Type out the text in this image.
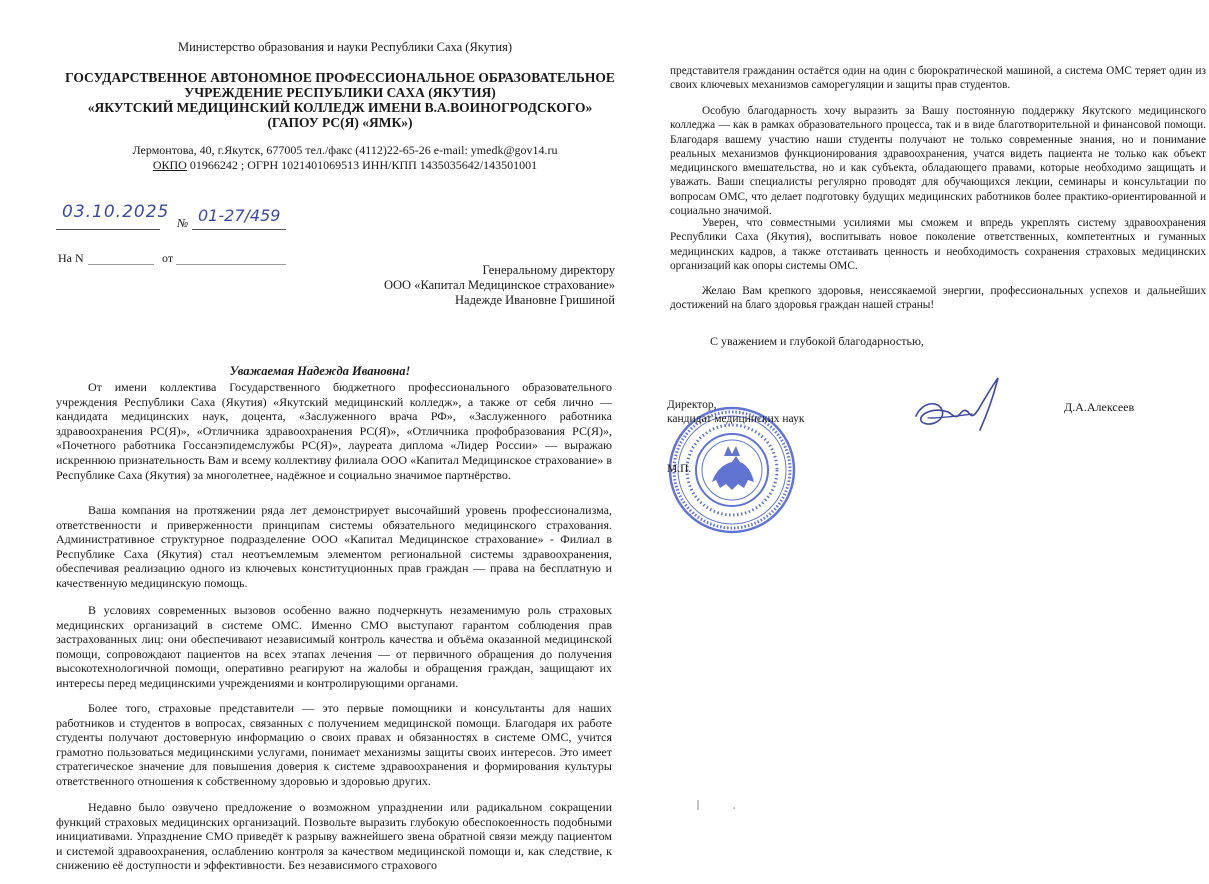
Министерство образования и науки Республики Саха (Якутия)
ГОСУДАРСТВЕННОЕ АВТОНОМНОЕ ПРОФЕССИОНАЛЬНОЕ ОБРАЗОВАТЕЛЬНОЕ
УЧРЕЖДЕНИЕ РЕСПУБЛИКИ САХА (ЯКУТИЯ)
«ЯКУТСКИЙ МЕДИЦИНСКИЙ КОЛЛЕДЖ ИМЕНИ В.А.ВОИНОГРОДСКОГО»
(ГАПОУ РС(Я) «ЯМК»)
Лермонтова, 40, г.Якутск, 677005 тел./факс (4112)22-65-26 e-mail: ymedk@gov14.ru
ОКПО 01966242 ; ОГРН 1021401069513 ИНН/КПП 1435035642/143501001
03.10.2025
№ 01-27/459
На N	от
Генеральному директору
ООО «Капитал Медицинское страхование»
Надежде Ивановне Гришиной
Уважаемая Надежда Ивановна!

От имени коллектива Государственного бюджетного профессионального образовательного учреждения Республики Саха (Якутия) «Якутский медицинский колледж», а также от себя лично — кандидата медицинских наук, доцента, «Заслуженного врача РФ», «Заслуженного работника здравоохранения РС(Я)», «Отличника здравоохранения РС(Я)», «Отличника профобразования РС(Я)», «Почетного работника Госсанэпидемслужбы РС(Я)», лауреата диплома «Лидер России» — выражаю искреннюю признательность Вам и всему коллективу филиала ООО «Капитал Медицинское страхование» в Республике Саха (Якутия) за многолетнее, надёжное и социально значимое партнёрство.

Ваша компания на протяжении ряда лет демонстрирует высочайший уровень профессионализма, ответственности и приверженности принципам системы обязательного медицинского страхования. Административное структурное подразделение ООО «Капитал Медицинское страхование» - Филиал в Республике Саха (Якутия) стал неотъемлемым элементом региональной системы здравоохранения, обеспечивая реализацию одного из ключевых конституционных прав граждан — права на бесплатную и качественную медицинскую помощь.

В условиях современных вызовов особенно важно подчеркнуть незаменимую роль страховых медицинских организаций в системе ОМС. Именно СМО выступают гарантом соблюдения прав застрахованных лиц: они обеспечивают независимый контроль качества и объёма оказанной медицинской помощи, сопровождают пациентов на всех этапах лечения — от первичного обращения до получения высокотехнологичной помощи, оперативно реагируют на жалобы и обращения граждан, защищают их интересы перед медицинскими учреждениями и контролирующими органами.

Более того, страховые представители — это первые помощники и консультанты для наших работников и студентов в вопросах, связанных с получением медицинской помощи. Благодаря их работе студенты получают достоверную информацию о своих правах и обязанностях в системе ОМС, учится грамотно пользоваться медицинскими услугами, понимает механизмы защиты своих интересов. Это имеет стратегическое значение для повышения доверия к системе здравоохранения и формирования культуры ответственного отношения к собственному здоровью и здоровью других.

Недавно было озвучено предложение о возможном упразднении или радикальном сокращении функций страховых медицинских организаций. Позвольте выразить глубокую обеспокоенность подобными инициативами. Упразднение СМО приведёт к разрыву важнейшего звена обратной связи между пациентом и системой здравоохранения, ослаблению контроля за качеством медицинской помощи и, как следствие, к снижению её доступности и эффективности. Без независимого страхового

представителя гражданин остаётся один на один с бюрократической машиной, а система ОМС теряет один из своих ключевых механизмов саморегуляции и защиты прав студентов.

Особую благодарность хочу выразить за Вашу постоянную поддержку Якутского медицинского колледжа — как в рамках образовательного процесса, так и в виде благотворительной и финансовой помощи. Благодаря вашему участию наши студенты получают не только современные знания, но и понимание реальных механизмов функционирования здравоохранения, учатся видеть пациента не только как объект медицинского вмешательства, но и как субъекта, обладающего правами, которые необходимо защищать и уважать. Ваши специалисты регулярно проводят для обучающихся лекции, семинары и консультации по вопросам ОМС, что делает подготовку будущих медицинских работников более практико-ориентированной и социально значимой.

Уверен, что совместными усилиями мы сможем и впредь укреплять систему здравоохранения Республики Саха (Якутия), воспитывать новое поколение ответственных, компетентных и гуманных медицинских кадров, а также отстаивать ценность и необходимость сохранения страховых медицинских организаций как опоры системы ОМС.

Желаю Вам крепкого здоровья, неиссякаемой энергии, профессиональных успехов и дальнейших достижений на благо здоровья граждан нашей страны!

С уважением и глубокой благодарностью,
Директор,
кандидат медицинских наук
М.П.
Д.А.Алексеев
